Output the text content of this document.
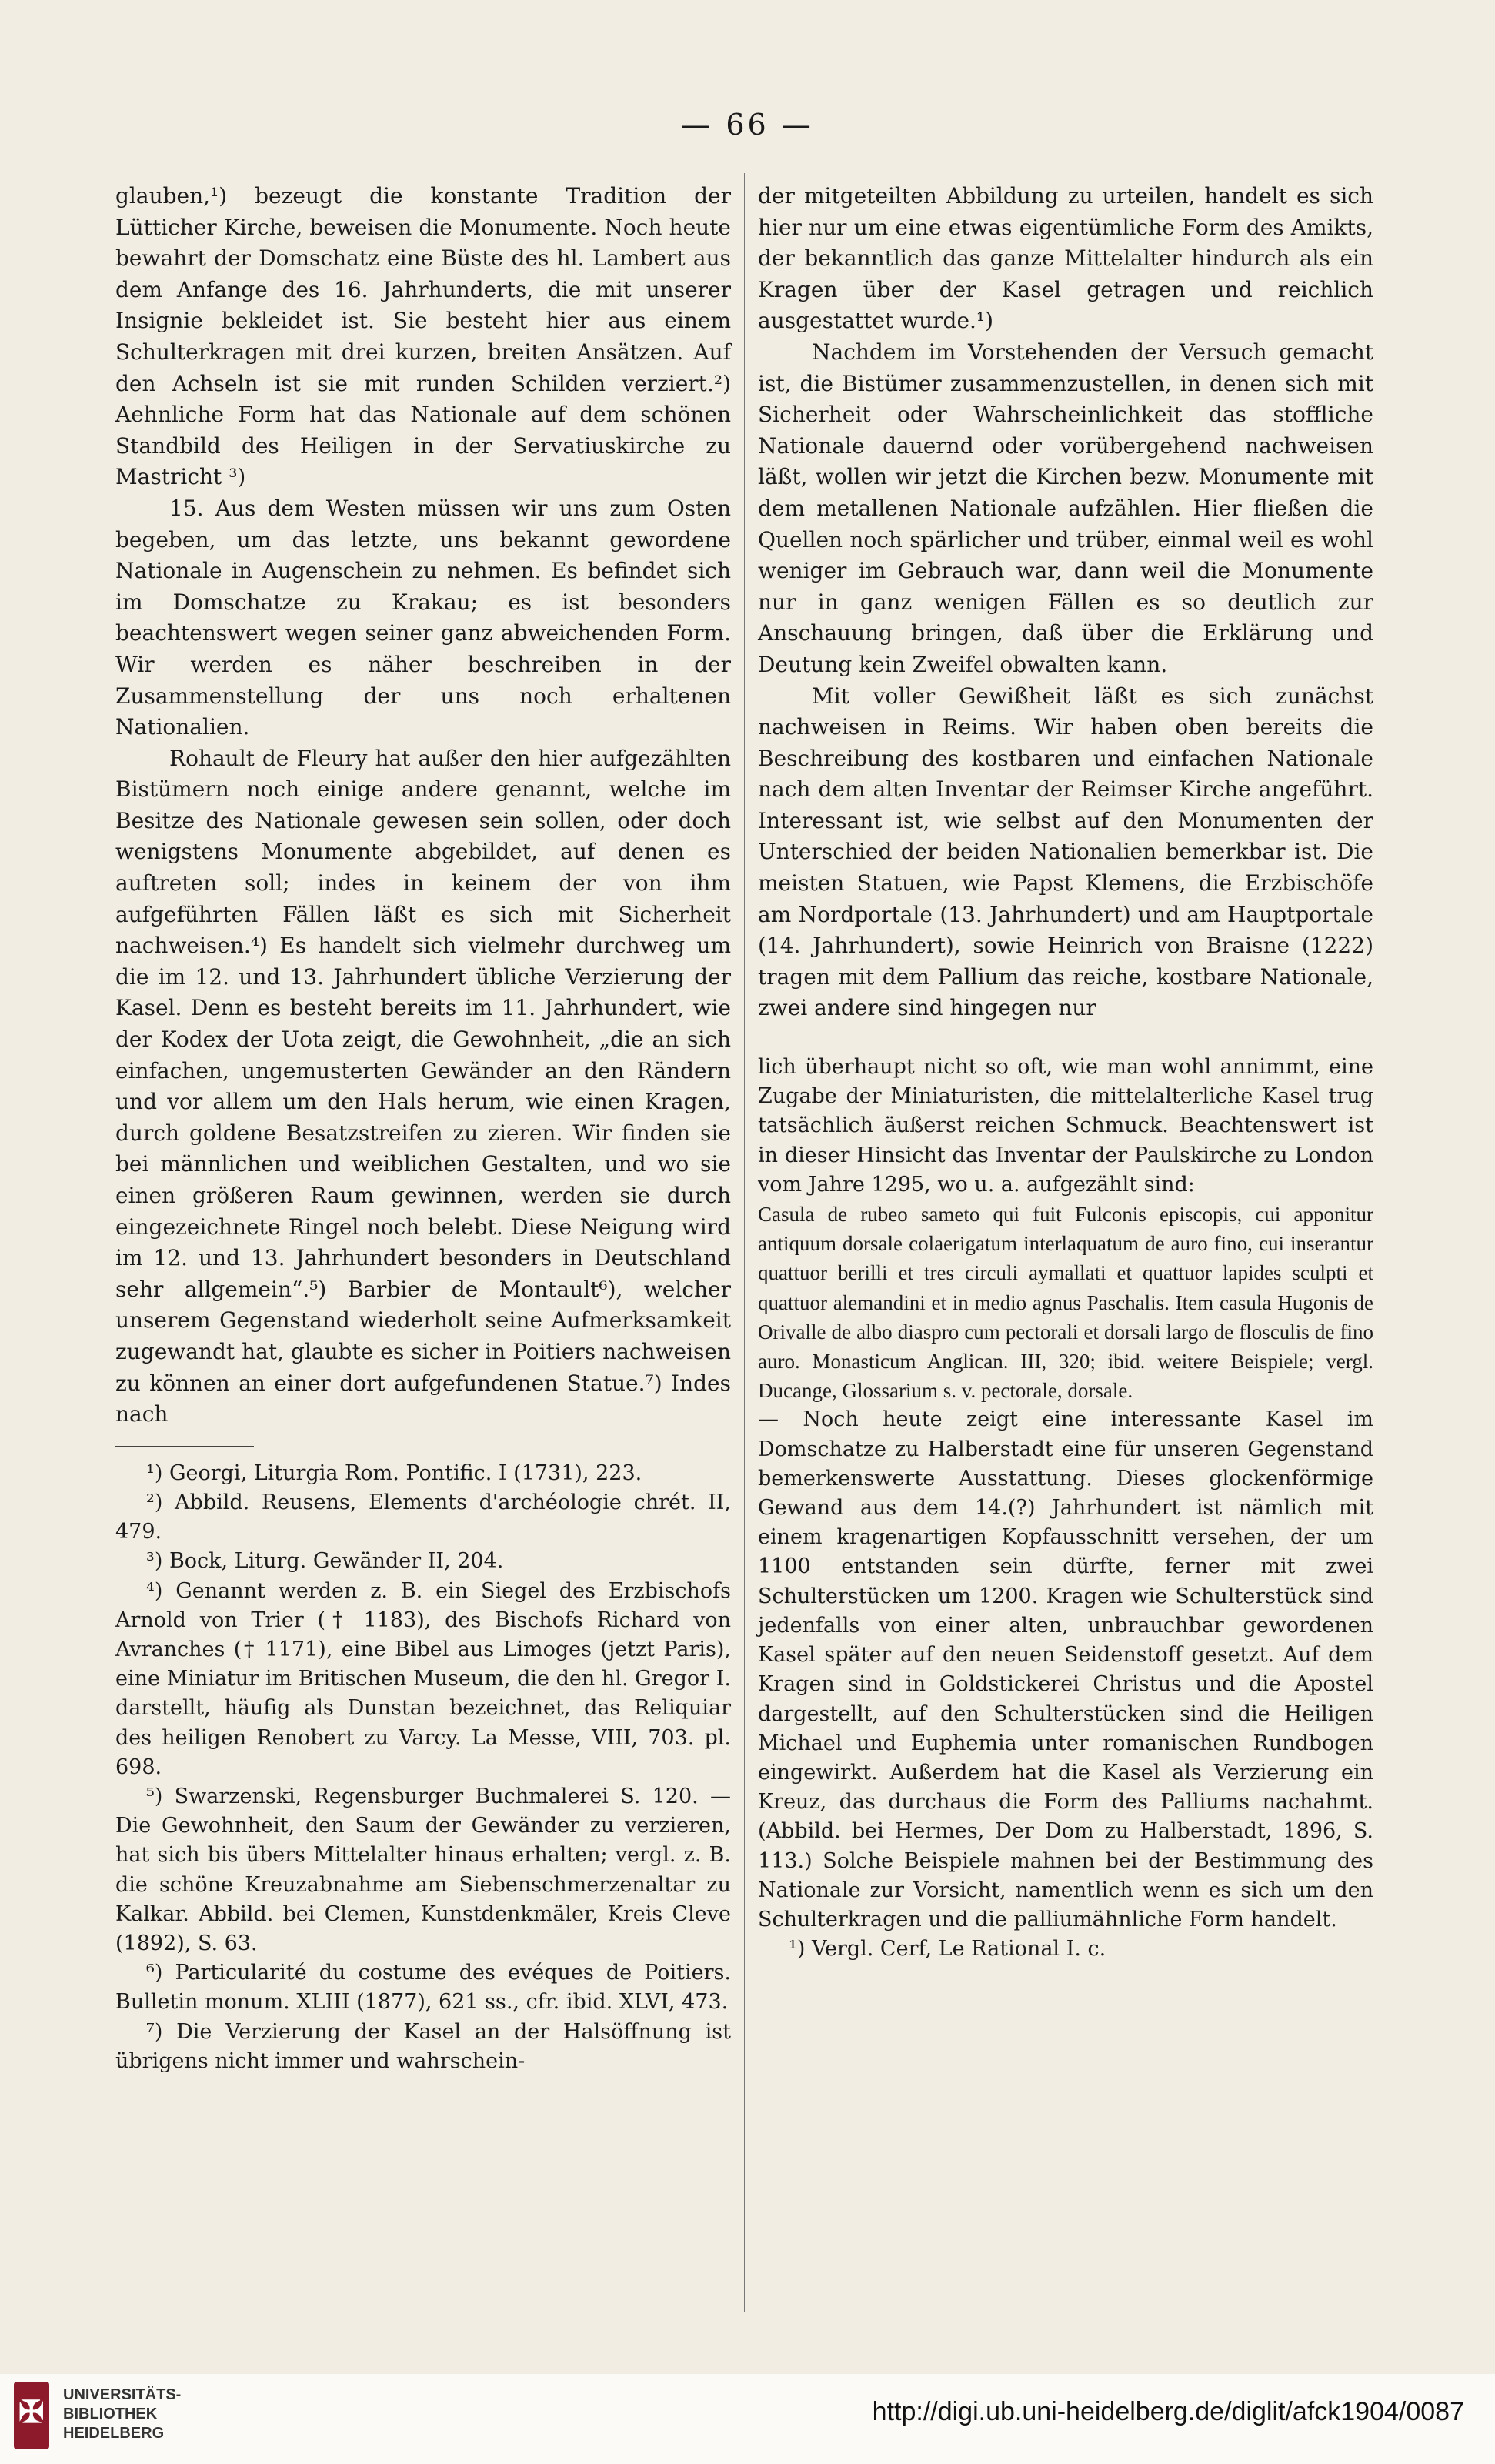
— 66 —

glauben,¹) bezeugt die konstante Tradition der Lütticher Kirche, beweisen die Monumente. Noch heute bewahrt der Domschatz eine Büste des hl. Lambert aus dem Anfange des 16. Jahrhunderts, die mit unserer Insignie bekleidet ist. Sie besteht hier aus einem Schulterkragen mit drei kurzen, breiten Ansätzen. Auf den Achseln ist sie mit runden Schilden verziert.²) Aehnliche Form hat das Nationale auf dem schönen Standbild des Heiligen in der Servatiuskirche zu Mastricht ³)

15. Aus dem Westen müssen wir uns zum Osten begeben, um das letzte, uns bekannt gewordene Nationale in Augenschein zu nehmen. Es befindet sich im Domschatze zu Krakau; es ist besonders beachtenswert wegen seiner ganz abweichenden Form. Wir werden es näher beschreiben in der Zusammenstellung der uns noch erhaltenen Nationalien.

Rohault de Fleury hat außer den hier aufgezählten Bistümern noch einige andere genannt, welche im Besitze des Nationale gewesen sein sollen, oder doch wenigstens Monumente abgebildet, auf denen es auftreten soll; indes in keinem der von ihm aufgeführten Fällen läßt es sich mit Sicherheit nachweisen.⁴) Es handelt sich vielmehr durchweg um die im 12. und 13. Jahrhundert übliche Verzierung der Kasel. Denn es besteht bereits im 11. Jahrhundert, wie der Kodex der Uota zeigt, die Gewohnheit, „die an sich einfachen, ungemusterten Gewänder an den Rändern und vor allem um den Hals herum, wie einen Kragen, durch goldene Besatzstreifen zu zieren. Wir finden sie bei männlichen und weiblichen Gestalten, und wo sie einen größeren Raum gewinnen, werden sie durch eingezeichnete Ringel noch belebt. Diese Neigung wird im 12. und 13. Jahrhundert besonders in Deutschland sehr allgemein“.⁵) Barbier de Montault⁶), welcher unserem Gegenstand wiederholt seine Aufmerksamkeit zugewandt hat, glaubte es sicher in Poitiers nachweisen zu können an einer dort aufgefundenen Statue.⁷) Indes nach

¹) Georgi, Liturgia Rom. Pontific. I (1731), 223.

²) Abbild. Reusens, Elements d'archéologie chrét. II, 479.

³) Bock, Liturg. Gewänder II, 204.

⁴) Genannt werden z. B. ein Siegel des Erzbischofs Arnold von Trier († 1183), des Bischofs Richard von Avranches († 1171), eine Bibel aus Limoges (jetzt Paris), eine Miniatur im Britischen Museum, die den hl. Gregor I. darstellt, häufig als Dunstan bezeichnet, das Reliquiar des heiligen Renobert zu Varcy. La Messe, VIII, 703. pl. 698.

⁵) Swarzenski, Regensburger Buchmalerei S. 120. — Die Gewohnheit, den Saum der Gewänder zu verzieren, hat sich bis übers Mittelalter hinaus erhalten; vergl. z. B. die schöne Kreuzabnahme am Siebenschmerzenaltar zu Kalkar. Abbild. bei Clemen, Kunstdenkmäler, Kreis Cleve (1892), S. 63.

⁶) Particularité du costume des evéques de Poitiers. Bulletin monum. XLIII (1877), 621 ss., cfr. ibid. XLVI, 473.

⁷) Die Verzierung der Kasel an der Halsöffnung ist übrigens nicht immer und wahrschein-

der mitgeteilten Abbildung zu urteilen, handelt es sich hier nur um eine etwas eigentümliche Form des Amikts, der bekanntlich das ganze Mittelalter hindurch als ein Kragen über der Kasel getragen und reichlich ausgestattet wurde.¹)

Nachdem im Vorstehenden der Versuch gemacht ist, die Bistümer zusammenzustellen, in denen sich mit Sicherheit oder Wahrscheinlichkeit das stoffliche Nationale dauernd oder vorübergehend nachweisen läßt, wollen wir jetzt die Kirchen bezw. Monumente mit dem metallenen Nationale aufzählen. Hier fließen die Quellen noch spärlicher und trüber, einmal weil es wohl weniger im Gebrauch war, dann weil die Monumente nur in ganz wenigen Fällen es so deutlich zur Anschauung bringen, daß über die Erklärung und Deutung kein Zweifel obwalten kann.

Mit voller Gewißheit läßt es sich zunächst nachweisen in Reims. Wir haben oben bereits die Beschreibung des kostbaren und einfachen Nationale nach dem alten Inventar der Reimser Kirche angeführt. Interessant ist, wie selbst auf den Monumenten der Unterschied der beiden Nationalien bemerkbar ist. Die meisten Statuen, wie Papst Klemens, die Erzbischöfe am Nordportale (13. Jahrhundert) und am Hauptportale (14. Jahrhundert), sowie Heinrich von Braisne (1222) tragen mit dem Pallium das reiche, kostbare Nationale, zwei andere sind hingegen nur

lich überhaupt nicht so oft, wie man wohl annimmt, eine Zugabe der Miniaturisten, die mittelalterliche Kasel trug tatsächlich äußerst reichen Schmuck. Beachtenswert ist in dieser Hinsicht das Inventar der Paulskirche zu London vom Jahre 1295, wo u. a. aufgezählt sind:

Casula de rubeo sameto qui fuit Fulconis episcopis, cui apponitur antiquum dorsale colaerigatum interlaquatum de auro fino, cui inserantur quattuor berilli et tres circuli aymallati et quattuor lapides sculpti et quattuor alemandini et in medio agnus Paschalis. Item casula Hugonis de Orivalle de albo diaspro cum pectorali et dorsali largo de flosculis de fino auro. Monasticum Anglican. III, 320; ibid. weitere Beispiele; vergl. Ducange, Glossarium s. v. pectorale, dorsale.

— Noch heute zeigt eine interessante Kasel im Domschatze zu Halberstadt eine für unseren Gegenstand bemerkenswerte Ausstattung. Dieses glockenförmige Gewand aus dem 14.(?) Jahrhundert ist nämlich mit einem kragenartigen Kopfausschnitt versehen, der um 1100 entstanden sein dürfte, ferner mit zwei Schulterstücken um 1200. Kragen wie Schulterstück sind jedenfalls von einer alten, unbrauchbar gewordenen Kasel später auf den neuen Seidenstoff gesetzt. Auf dem Kragen sind in Goldstickerei Christus und die Apostel dargestellt, auf den Schulterstücken sind die Heiligen Michael und Euphemia unter romanischen Rundbogen eingewirkt. Außerdem hat die Kasel als Verzierung ein Kreuz, das durchaus die Form des Palliums nachahmt. (Abbild. bei Hermes, Der Dom zu Halberstadt, 1896, S. 113.) Solche Beispiele mahnen bei der Bestimmung des Nationale zur Vorsicht, namentlich wenn es sich um den Schulterkragen und die palliumähnliche Form handelt.

¹) Vergl. Cerf, Le Rational I. c.

✠
UNIVERSITÄTS-
BIBLIOTHEK
HEIDELBERG
http://digi.ub.uni-heidelberg.de/diglit/afck1904/0087
